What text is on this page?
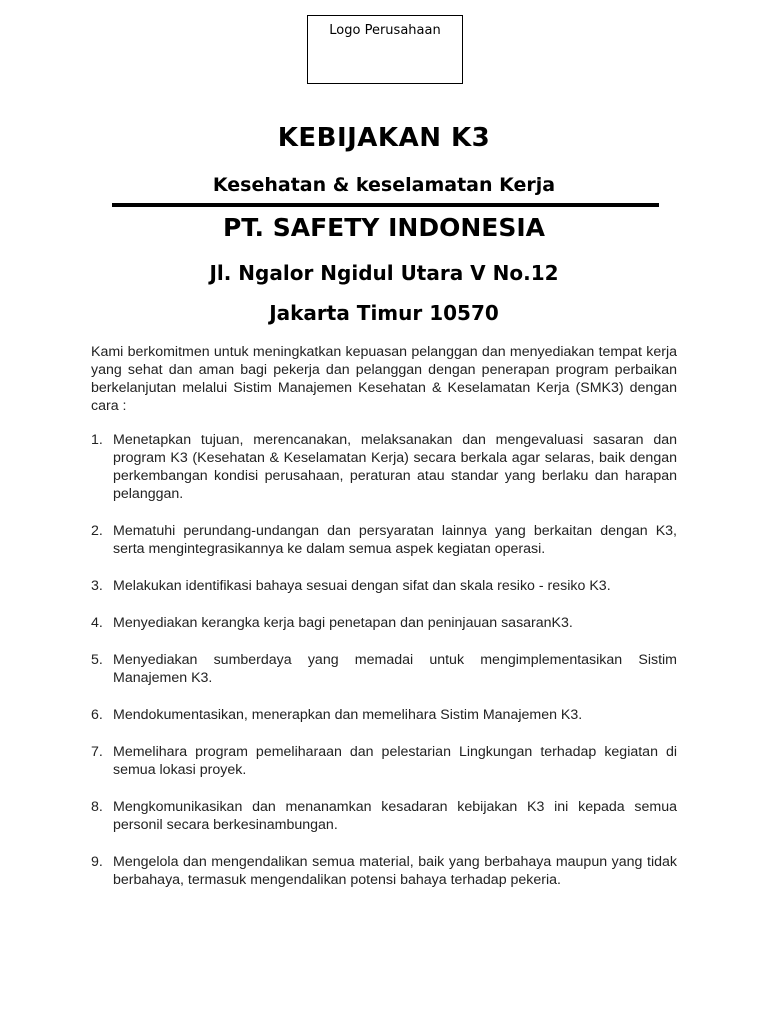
Logo Perusahaan
KEBIJAKAN K3
Kesehatan & keselamatan Kerja
PT. SAFETY INDONESIA
Jl. Ngalor Ngidul Utara V No.12
Jakarta Timur 10570

Kami berkomitmen untuk meningkatkan kepuasan pelanggan dan menyediakan tempat kerja yang sehat dan aman bagi pekerja dan pelanggan dengan penerapan program perbaikan berkelanjutan melalui Sistim Manajemen Kesehatan & Keselamatan Kerja (SMK3) dengan cara :

1. Menetapkan tujuan, merencanakan, melaksanakan dan mengevaluasi sasaran dan program K3 (Kesehatan & Keselamatan Kerja) secara berkala agar selaras, baik dengan perkembangan kondisi perusahaan, peraturan atau standar yang berlaku dan harapan pelanggan.
2. Mematuhi perundang-undangan dan persyaratan lainnya yang berkaitan dengan K3, serta mengintegrasikannya ke dalam semua aspek kegiatan operasi.
3. Melakukan identifikasi bahaya sesuai dengan sifat dan skala resiko - resiko K3.
4. Menyediakan kerangka kerja bagi penetapan dan peninjauan sasaranK3.
5. Menyediakan sumberdaya yang memadai untuk mengimplementasikan Sistim Manajemen K3.
6. Mendokumentasikan, menerapkan dan memelihara Sistim Manajemen K3.
7. Memelihara program pemeliharaan dan pelestarian Lingkungan terhadap kegiatan di semua lokasi proyek.
8. Mengkomunikasikan dan menanamkan kesadaran kebijakan K3 ini kepada semua personil secara berkesinambungan.
9. Mengelola dan mengendalikan semua material, baik yang berbahaya maupun yang tidak berbahaya, termasuk mengendalikan potensi bahaya terhadap pekeria.
